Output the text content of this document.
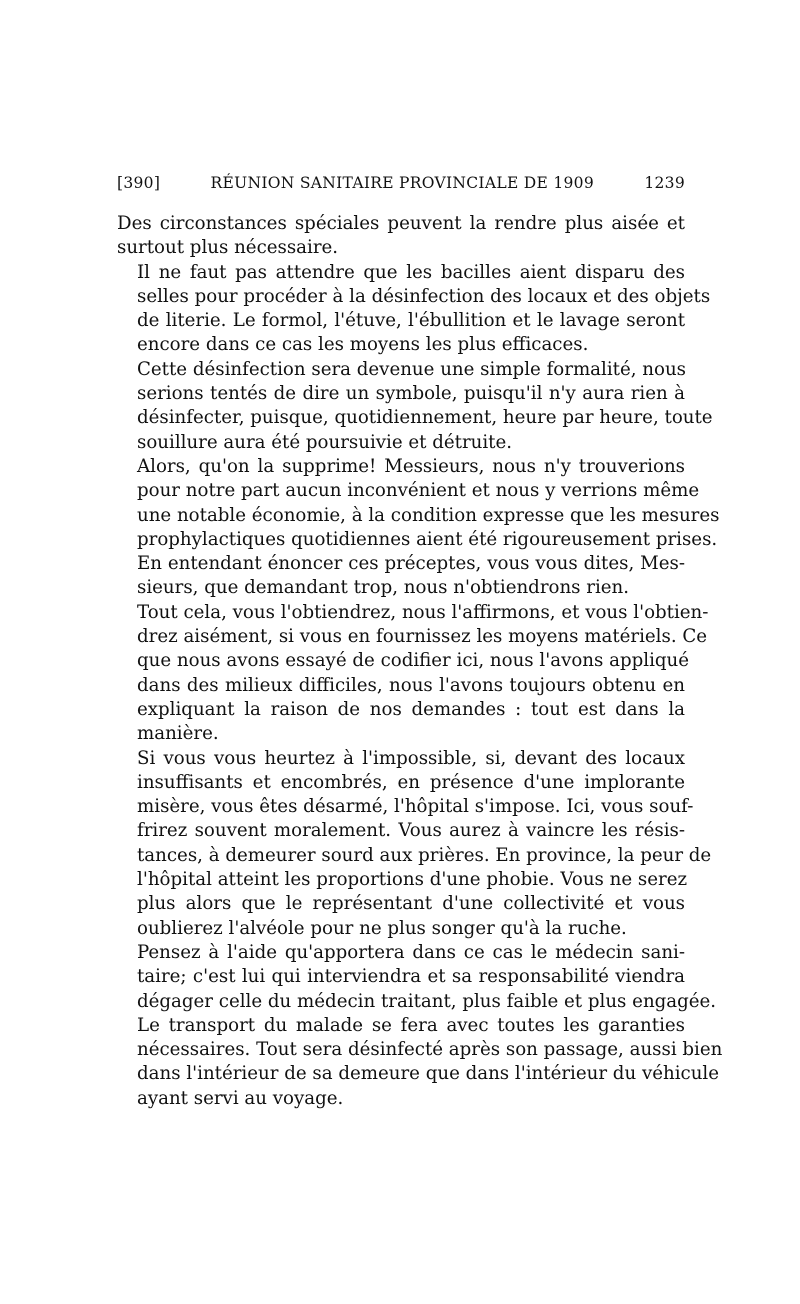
[390]	RÉUNION SANITAIRE PROVINCIALE DE 1909	1239

Des circonstances spéciales peuvent la rendre plus aisée et
surtout plus nécessaire.

Il ne faut pas attendre que les bacilles aient disparu des
selles pour procéder à la désinfection des locaux et des objets
de literie. Le formol, l'étuve, l'ébullition et le lavage seront
encore dans ce cas les moyens les plus efficaces.

Cette désinfection sera devenue une simple formalité, nous
serions tentés de dire un symbole, puisqu'il n'y aura rien à
désinfecter, puisque, quotidiennement, heure par heure, toute
souillure aura été poursuivie et détruite.

Alors, qu'on la supprime! Messieurs, nous n'y trouverions
pour notre part aucun inconvénient et nous y verrions même
une notable économie, à la condition expresse que les mesures
prophylactiques quotidiennes aient été rigoureusement prises.

En entendant énoncer ces préceptes, vous vous dites, Mes-
sieurs, que demandant trop, nous n'obtiendrons rien.

Tout cela, vous l'obtiendrez, nous l'affirmons, et vous l'obtien-
drez aisément, si vous en fournissez les moyens matériels. Ce
que nous avons essayé de codifier ici, nous l'avons appliqué
dans des milieux difficiles, nous l'avons toujours obtenu en
expliquant la raison de nos demandes : tout est dans la
manière.

Si vous vous heurtez à l'impossible, si, devant des locaux
insuffisants et encombrés, en présence d'une implorante
misère, vous êtes désarmé, l'hôpital s'impose. Ici, vous souf-
frirez souvent moralement. Vous aurez à vaincre les résis-
tances, à demeurer sourd aux prières. En province, la peur de
l'hôpital atteint les proportions d'une phobie. Vous ne serez
plus alors que le représentant d'une collectivité et vous
oublierez l'alvéole pour ne plus songer qu'à la ruche.

Pensez à l'aide qu'apportera dans ce cas le médecin sani-
taire; c'est lui qui interviendra et sa responsabilité viendra
dégager celle du médecin traitant, plus faible et plus engagée.

Le transport du malade se fera avec toutes les garanties
nécessaires. Tout sera désinfecté après son passage, aussi bien
dans l'intérieur de sa demeure que dans l'intérieur du véhicule
ayant servi au voyage.
